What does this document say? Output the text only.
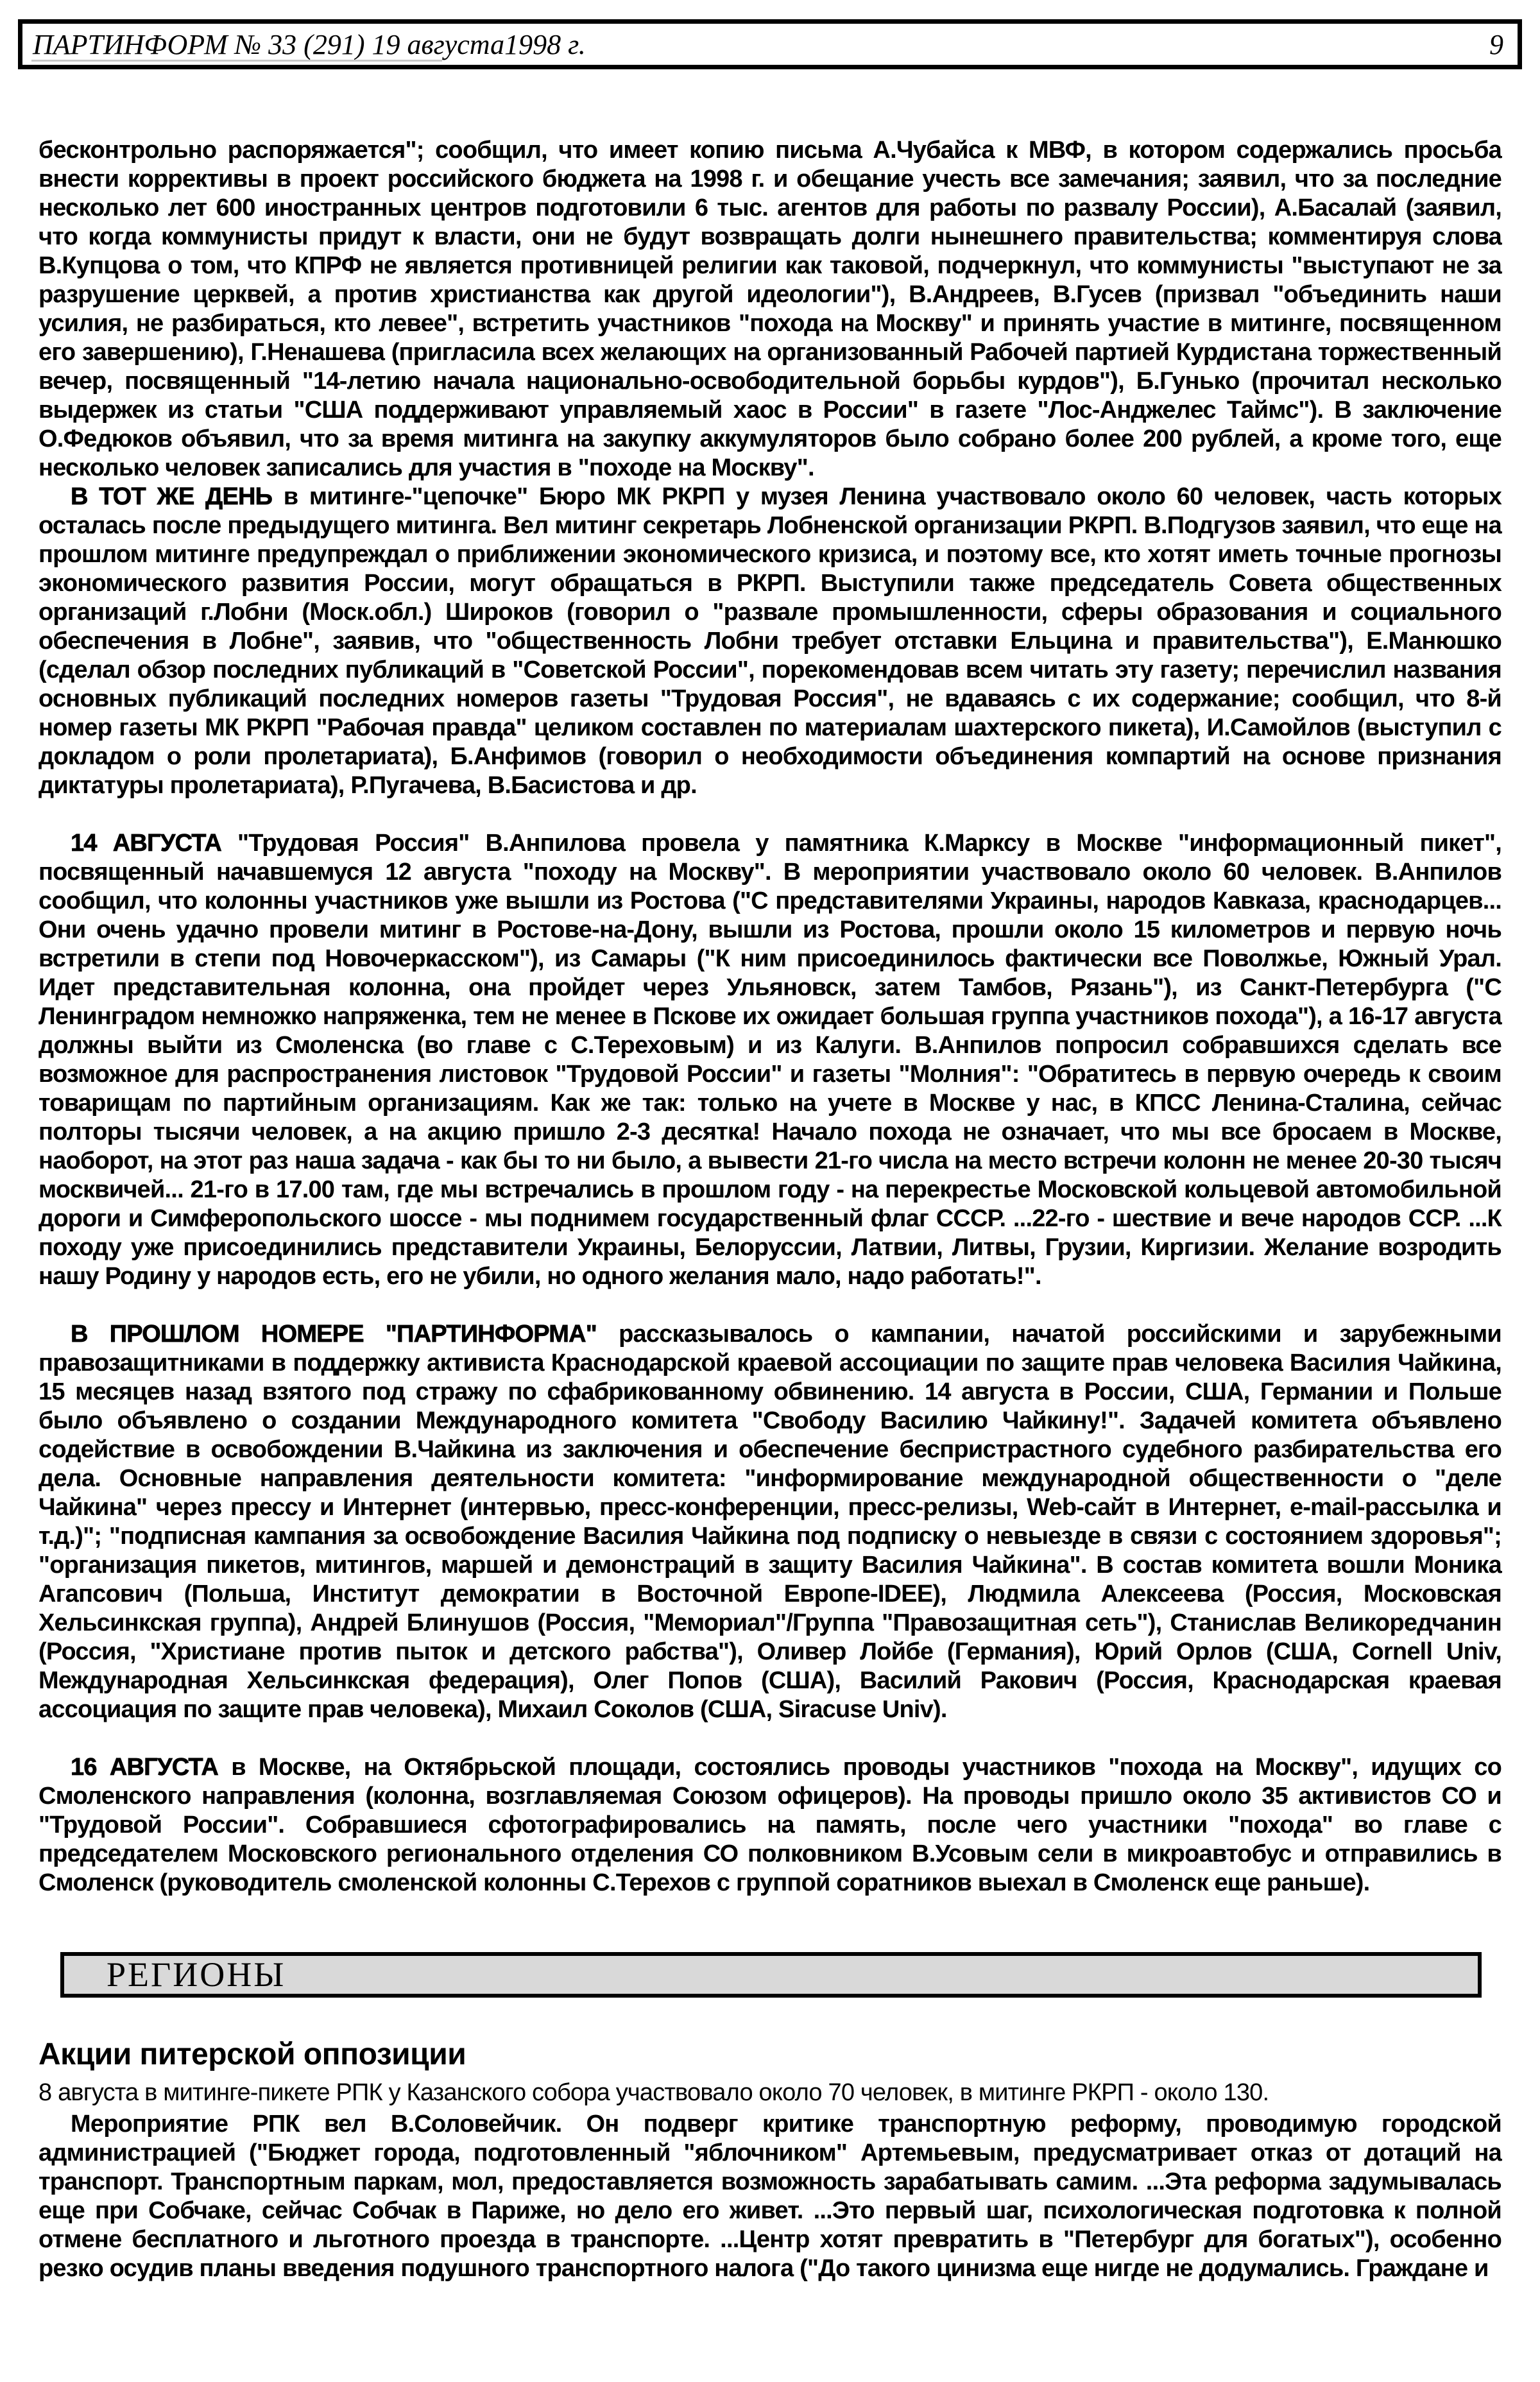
ПАРТИНФОРМ № 33 (291) 19 августа1998 г.	9

бесконтрольно распоряжается"; сообщил, что имеет копию письма А.Чубайса к МВФ, в котором содержались просьба внести коррективы в проект российского бюджета на 1998 г. и обещание учесть все замечания; заявил, что за последние несколько лет 600 иностранных центров подготовили 6 тыс. агентов для работы по развалу России), А.Басалай (заявил, что когда коммунисты придут к власти, они не будут возвращать долги нынешнего правительства; комментируя слова В.Купцова о том, что КПРФ не является противницей религии как таковой, подчеркнул, что коммунисты "выступают не за разрушение церквей, а против христианства как другой идеологии"), В.Андреев, В.Гусев (призвал "объединить наши усилия, не разбираться, кто левее", встретить участников "похода на Москву" и принять участие в митинге, посвященном его завершению), Г.Ненашева (пригласила всех желающих на организованный Рабочей партией Курдистана торжественный вечер, посвященный "14-летию начала национально-освободительной борьбы курдов"), Б.Гунько (прочитал несколько выдержек из статьи "США поддерживают управляемый хаос в России" в газете "Лос-Анджелес Таймс"). В заключение О.Федюков объявил, что за время митинга на закупку аккумуляторов было собрано более 200 рублей, а кроме того, еще несколько человек записались для участия в "походе на Москву".

В ТОТ ЖЕ ДЕНЬ в митинге-"цепочке" Бюро МК РКРП у музея Ленина участвовало около 60 человек, часть которых осталась после предыдущего митинга. Вел митинг секретарь Лобненской организации РКРП. В.Подгузов заявил, что еще на прошлом митинге предупреждал о приближении экономического кризиса, и поэтому все, кто хотят иметь точные прогнозы экономического развития России, могут обращаться в РКРП. Выступили также председатель Совета общественных организаций г.Лобни (Моск.обл.) Широков (говорил о "развале промышленности, сферы образования и социального обеспечения в Лобне", заявив, что "общественность Лобни требует отставки Ельцина и правительства"), Е.Манюшко (сделал обзор последних публикаций в "Советской России", порекомендовав всем читать эту газету; перечислил названия основных публикаций последних номеров газеты "Трудовая Россия", не вдаваясь с их содержание; сообщил, что 8-й номер газеты МК РКРП "Рабочая правда" целиком составлен по материалам шахтерского пикета), И.Самойлов (выступил с докладом о роли пролетариата), Б.Анфимов (говорил о необходимости объединения компартий на основе признания диктатуры пролетариата), Р.Пугачева, В.Басистова и др.

14 АВГУСТА "Трудовая Россия" В.Анпилова провела у памятника К.Марксу в Москве "информационный пикет", посвященный начавшемуся 12 августа "походу на Москву". В мероприятии участвовало около 60 человек. В.Анпилов сообщил, что колонны участников уже вышли из Ростова ("С представителями Украины, народов Кавказа, краснодарцев... Они очень удачно провели митинг в Ростове-на-Дону, вышли из Ростова, прошли около 15 километров и первую ночь встретили в степи под Новочеркасском"), из Самары ("К ним присоединилось фактически все Поволжье, Южный Урал. Идет представительная колонна, она пройдет через Ульяновск, затем Тамбов, Рязань"), из Санкт-Петербурга ("С Ленинградом немножко напряженка, тем не менее в Пскове их ожидает большая группа участников похода"), а 16-17 августа должны выйти из Смоленска (во главе с С.Тереховым) и из Калуги. В.Анпилов попросил собравшихся сделать все возможное для распространения листовок "Трудовой России" и газеты "Молния": "Обратитесь в первую очередь к своим товарищам по партийным организациям. Как же так: только на учете в Москве у нас, в КПСС Ленина-Сталина, сейчас полторы тысячи человек, а на акцию пришло 2-3 десятка! Начало похода не означает, что мы все бросаем в Москве, наоборот, на этот раз наша задача - как бы то ни было, а вывести 21-го числа на место встречи колонн не менее 20-30 тысяч москвичей... 21-го в 17.00 там, где мы встречались в прошлом году - на перекрестье Московской кольцевой автомобильной дороги и Симферопольского шоссе - мы поднимем государственный флаг СССР. ...22-го - шествие и вече народов ССР. ...К походу уже присоединились представители Украины, Белоруссии, Латвии, Литвы, Грузии, Киргизии. Желание возродить нашу Родину у народов есть, его не убили, но одного желания мало, надо работать!".

В ПРОШЛОМ НОМЕРЕ "ПАРТИНФОРМА" рассказывалось о кампании, начатой российскими и зарубежными правозащитниками в поддержку активиста Краснодарской краевой ассоциации по защите прав человека Василия Чайкина, 15 месяцев назад взятого под стражу по сфабрикованному обвинению. 14 августа в России, США, Германии и Польше было объявлено о создании Международного комитета "Свободу Василию Чайкину!". Задачей комитета объявлено содействие в освобождении В.Чайкина из заключения и обеспечение беспристрастного судебного разбирательства его дела. Основные направления деятельности комитета: "информирование международной общественности о "деле Чайкина" через прессу и Интернет (интервью, пресс-конференции, пресс-релизы, Web-сайт в Интернет, e-mail-рассылка и т.д.)"; "подписная кампания за освобождение Василия Чайкина под подписку о невыезде в связи с состоянием здоровья"; "организация пикетов, митингов, маршей и демонстраций в защиту Василия Чайкина". В состав комитета вошли Моника Агапсович (Польша, Институт демократии в Восточной Европе-IDEE), Людмила Алексеева (Россия, Московская Хельсинкская группа), Андрей Блинушов (Россия, "Мемориал"/Группа "Правозащитная сеть"), Станислав Великоредчанин (Россия, "Христиане против пыток и детского рабства"), Оливер Лойбе (Германия), Юрий Орлов (США, Cornell Univ, Международная Хельсинкская федерация), Олег Попов (США), Василий Ракович (Россия, Краснодарская краевая ассоциация по защите прав человека), Михаил Соколов (США, Siracuse Univ).

16 АВГУСТА в Москве, на Октябрьской площади, состоялись проводы участников "похода на Москву", идущих со Смоленского направления (колонна, возглавляемая Союзом офицеров). На проводы пришло около 35 активистов СО и "Трудовой России". Собравшиеся сфотографировались на память, после чего участники "похода" во главе с председателем Московского регионального отделения СО полковником В.Усовым сели в микроавтобус и отправились в Смоленск (руководитель смоленской колонны С.Терехов с группой соратников выехал в Смоленск еще раньше).

РЕГИОНЫ
Акции питерской оппозиции

8 августа в митинге-пикете РПК у Казанского собора участвовало около 70 человек, в митинге РКРП - около 130.

Мероприятие РПК вел В.Соловейчик. Он подверг критике транспортную реформу, проводимую городской администрацией ("Бюджет города, подготовленный "яблочником" Артемьевым, предусматривает отказ от дотаций на транспорт. Транспортным паркам, мол, предоставляется возможность зарабатывать самим. ...Эта реформа задумывалась еще при Собчаке, сейчас Собчак в Париже, но дело его живет. ...Это первый шаг, психологическая подготовка к полной отмене бесплатного и льготного проезда в транспорте. ...Центр хотят превратить в "Петербург для богатых"), особенно резко осудив планы введения подушного транспортного налога ("До такого цинизма еще нигде не додумались. Граждане и
